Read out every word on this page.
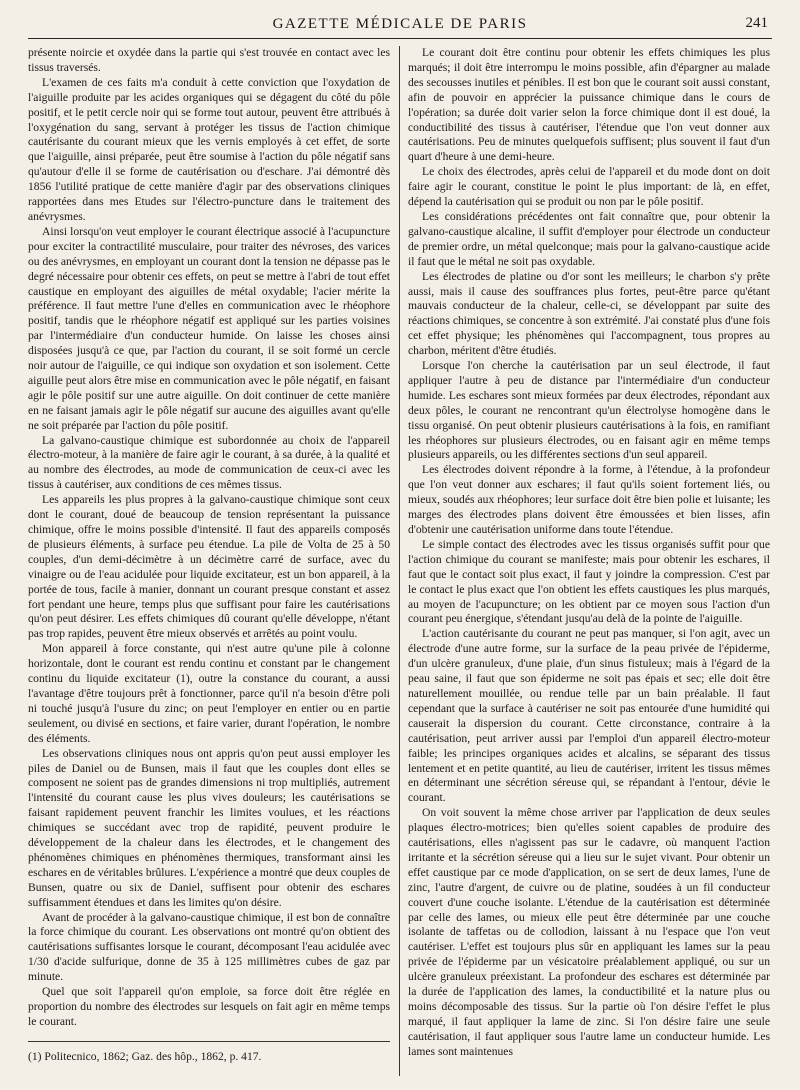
GAZETTE MÉDICALE DE PARIS	241

présente noircie et oxydée dans la partie qui s'est trouvée en contact avec les tissus traversés.

L'examen de ces faits m'a conduit à cette conviction que l'oxydation de l'aiguille produite par les acides organiques qui se dégagent du côté du pôle positif, et le petit cercle noir qui se forme tout autour, peuvent être attribués à l'oxygénation du sang, servant à protéger les tissus de l'action chimique cautérisante du courant mieux que les vernis employés à cet effet, de sorte que l'aiguille, ainsi préparée, peut être soumise à l'action du pôle négatif sans qu'autour d'elle il se forme de cautérisation ou d'eschare. J'ai démontré dès 1856 l'utilité pratique de cette manière d'agir par des observations cliniques rapportées dans mes Etudes sur l'électro-puncture dans le traitement des anévrysmes.

Ainsi lorsqu'on veut employer le courant électrique associé à l'acupuncture pour exciter la contractilité musculaire, pour traiter des névroses, des varices ou des anévrysmes, en employant un courant dont la tension ne dépasse pas le degré nécessaire pour obtenir ces effets, on peut se mettre à l'abri de tout effet caustique en employant des aiguilles de métal oxydable; l'acier mérite la préférence. Il faut mettre l'une d'elles en communication avec le rhéophore positif, tandis que le rhéophore négatif est appliqué sur les parties voisines par l'intermédiaire d'un conducteur humide. On laisse les choses ainsi disposées jusqu'à ce que, par l'action du courant, il se soit formé un cercle noir autour de l'aiguille, ce qui indique son oxydation et son isolement. Cette aiguille peut alors être mise en communication avec le pôle négatif, en faisant agir le pôle positif sur une autre aiguille. On doit continuer de cette manière en ne faisant jamais agir le pôle négatif sur aucune des aiguilles avant qu'elle ne soit préparée par l'action du pôle positif.

La galvano-caustique chimique est subordonnée au choix de l'appareil électro-moteur, à la manière de faire agir le courant, à sa durée, à la qualité et au nombre des électrodes, au mode de communication de ceux-ci avec les tissus à cautériser, aux conditions de ces mêmes tissus.

Les appareils les plus propres à la galvano-caustique chimique sont ceux dont le courant, doué de beaucoup de tension représentant la puissance chimique, offre le moins possible d'intensité. Il faut des appareils composés de plusieurs éléments, à surface peu étendue. La pile de Volta de 25 à 50 couples, d'un demi-décimètre à un décimètre carré de surface, avec du vinaigre ou de l'eau acidulée pour liquide excitateur, est un bon appareil, à la portée de tous, facile à manier, donnant un courant presque constant et assez fort pendant une heure, temps plus que suffisant pour faire les cautérisations qu'on peut désirer. Les effets chimiques dû courant qu'elle développe, n'étant pas trop rapides, peuvent être mieux observés et arrêtés au point voulu.

Mon appareil à force constante, qui n'est autre qu'une pile à colonne horizontale, dont le courant est rendu continu et constant par le changement continu du liquide excitateur (1), outre la constance du courant, a aussi l'avantage d'être toujours prêt à fonctionner, parce qu'il n'a besoin d'être poli ni touché jusqu'à l'usure du zinc; on peut l'employer en entier ou en partie seulement, ou divisé en sections, et faire varier, durant l'opération, le nombre des éléments.

Les observations cliniques nous ont appris qu'on peut aussi employer les piles de Daniel ou de Bunsen, mais il faut que les couples dont elles se composent ne soient pas de grandes dimensions ni trop multipliés, autrement l'intensité du courant cause les plus vives douleurs; les cautérisations se faisant rapidement peuvent franchir les limites voulues, et les réactions chimiques se succédant avec trop de rapidité, peuvent produire le développement de la chaleur dans les électrodes, et le changement des phénomènes chimiques en phénomènes thermiques, transformant ainsi les eschares en de véritables brûlures. L'expérience a montré que deux couples de Bunsen, quatre ou six de Daniel, suffisent pour obtenir des eschares suffisamment étendues et dans les limites qu'on désire.

Avant de procéder à la galvano-caustique chimique, il est bon de connaître la force chimique du courant. Les observations ont montré qu'on obtient des cautérisations suffisantes lorsque le courant, décomposant l'eau acidulée avec 1/30 d'acide sulfurique, donne de 35 à 125 millimètres cubes de gaz par minute.

Quel que soit l'appareil qu'on emploie, sa force doit être réglée en proportion du nombre des électrodes sur lesquels on fait agir en même temps le courant.

Le courant doit être continu pour obtenir les effets chimiques les plus marqués; il doit être interrompu le moins possible, afin d'épargner au malade des secousses inutiles et pénibles. Il est bon que le courant soit aussi constant, afin de pouvoir en apprécier la puissance chimique dans le cours de l'opération; sa durée doit varier selon la force chimique dont il est doué, la conductibilité des tissus à cautériser, l'étendue que l'on veut donner aux cautérisations. Peu de minutes quelquefois suffisent; plus souvent il faut d'un quart d'heure à une demi-heure.

Le choix des électrodes, après celui de l'appareil et du mode dont on doit faire agir le courant, constitue le point le plus important: de là, en effet, dépend la cautérisation qui se produit ou non par le pôle positif.

Les considérations précédentes ont fait connaître que, pour obtenir la galvano-caustique alcaline, il suffit d'employer pour électrode un conducteur de premier ordre, un métal quelconque; mais pour la galvano-caustique acide il faut que le métal ne soit pas oxydable.

Les électrodes de platine ou d'or sont les meilleurs; le charbon s'y prête aussi, mais il cause des souffrances plus fortes, peut-être parce qu'étant mauvais conducteur de la chaleur, celle-ci, se développant par suite des réactions chimiques, se concentre à son extrémité. J'ai constaté plus d'une fois cet effet physique; les phénomènes qui l'accompagnent, tous propres au charbon, méritent d'être étudiés.

Lorsque l'on cherche la cautérisation par un seul électrode, il faut appliquer l'autre à peu de distance par l'intermédiaire d'un conducteur humide. Les eschares sont mieux formées par deux électrodes, répondant aux deux pôles, le courant ne rencontrant qu'un électrolyse homogène dans le tissu organisé. On peut obtenir plusieurs cautérisations à la fois, en ramifiant les rhéophores sur plusieurs électrodes, ou en faisant agir en même temps plusieurs appareils, ou les différentes sections d'un seul appareil.

Les électrodes doivent répondre à la forme, à l'étendue, à la profondeur que l'on veut donner aux eschares; il faut qu'ils soient fortement liés, ou mieux, soudés aux rhéophores; leur surface doit être bien polie et luisante; les marges des électrodes plans doivent être émoussées et bien lisses, afin d'obtenir une cautérisation uniforme dans toute l'étendue.

Le simple contact des électrodes avec les tissus organisés suffit pour que l'action chimique du courant se manifeste; mais pour obtenir les eschares, il faut que le contact soit plus exact, il faut y joindre la compression. C'est par le contact le plus exact que l'on obtient les effets caustiques les plus marqués, au moyen de l'acupuncture; on les obtient par ce moyen sous l'action d'un courant peu énergique, s'étendant jusqu'au delà de la pointe de l'aiguille.

L'action cautérisante du courant ne peut pas manquer, si l'on agit, avec un électrode d'une autre forme, sur la surface de la peau privée de l'épiderme, d'un ulcère granuleux, d'une plaie, d'un sinus fistuleux; mais à l'égard de la peau saine, il faut que son épiderme ne soit pas épais et sec; elle doit être naturellement mouillée, ou rendue telle par un bain préalable. Il faut cependant que la surface à cautériser ne soit pas entourée d'une humidité qui causerait la dispersion du courant. Cette circonstance, contraire à la cautérisation, peut arriver aussi par l'emploi d'un appareil électro-moteur faible; les principes organiques acides et alcalins, se séparant des tissus lentement et en petite quantité, au lieu de cautériser, irritent les tissus mêmes en déterminant une sécrétion séreuse qui, se répandant à l'entour, dévie le courant.

On voit souvent la même chose arriver par l'application de deux seules plaques électro-motrices; bien qu'elles soient capables de produire des cautérisations, elles n'agissent pas sur le cadavre, où manquent l'action irritante et la sécrétion séreuse qui a lieu sur le sujet vivant. Pour obtenir un effet caustique par ce mode d'application, on se sert de deux lames, l'une de zinc, l'autre d'argent, de cuivre ou de platine, soudées à un fil conducteur couvert d'une couche isolante. L'étendue de la cautérisation est déterminée par celle des lames, ou mieux elle peut être déterminée par une couche isolante de taffetas ou de collodion, laissant à nu l'espace que l'on veut cautériser. L'effet est toujours plus sûr en appliquant les lames sur la peau privée de l'épiderme par un vésicatoire préalablement appliqué, ou sur un ulcère granuleux préexistant. La profondeur des eschares est déterminée par la durée de l'application des lames, la conductibilité et la nature plus ou moins décomposable des tissus. Sur la partie où l'on désire l'effet le plus marqué, il faut appliquer la lame de zinc. Si l'on désire faire une seule cautérisation, il faut appliquer sous l'autre lame un conducteur humide. Les lames sont maintenues

(1) Politecnico, 1862; Gaz. des hôp., 1862, p. 417.
